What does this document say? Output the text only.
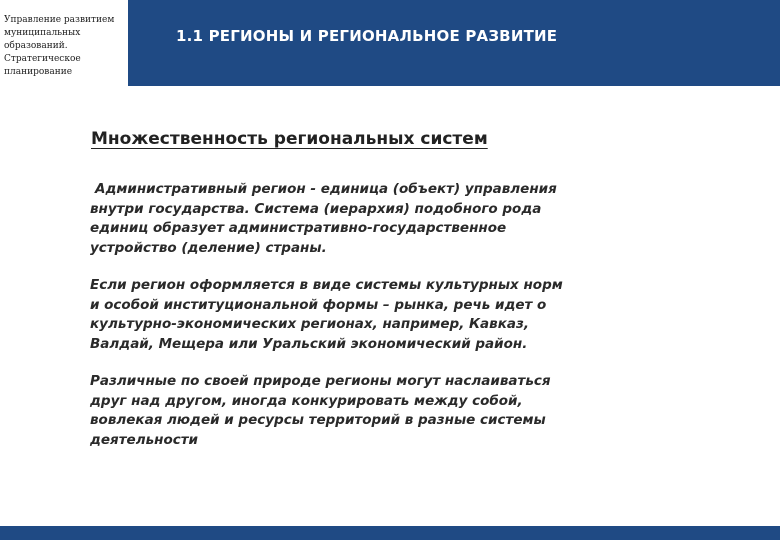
Управление развитием
муниципальных
образований.
Стратегическое
планирование
1.1 РЕГИОНЫ И РЕГИОНАЛЬНОЕ РАЗВИТИЕ
Множественность региональных систем
Административный регион - единица (объект) управления
внутри государства. Система (иерархия) подобного рода
единиц образует административно-государственное
устройство (деление) страны.
Если регион оформляется в виде системы культурных норм
и особой институциональной формы – рынка, речь идет о
культурно-экономических регионах, например, Кавказ,
Валдай, Мещера или Уральский экономический район.
Различные по своей природе регионы могут наслаиваться
друг над другом, иногда конкурировать между собой,
вовлекая людей и ресурсы территорий в разные системы
деятельности
